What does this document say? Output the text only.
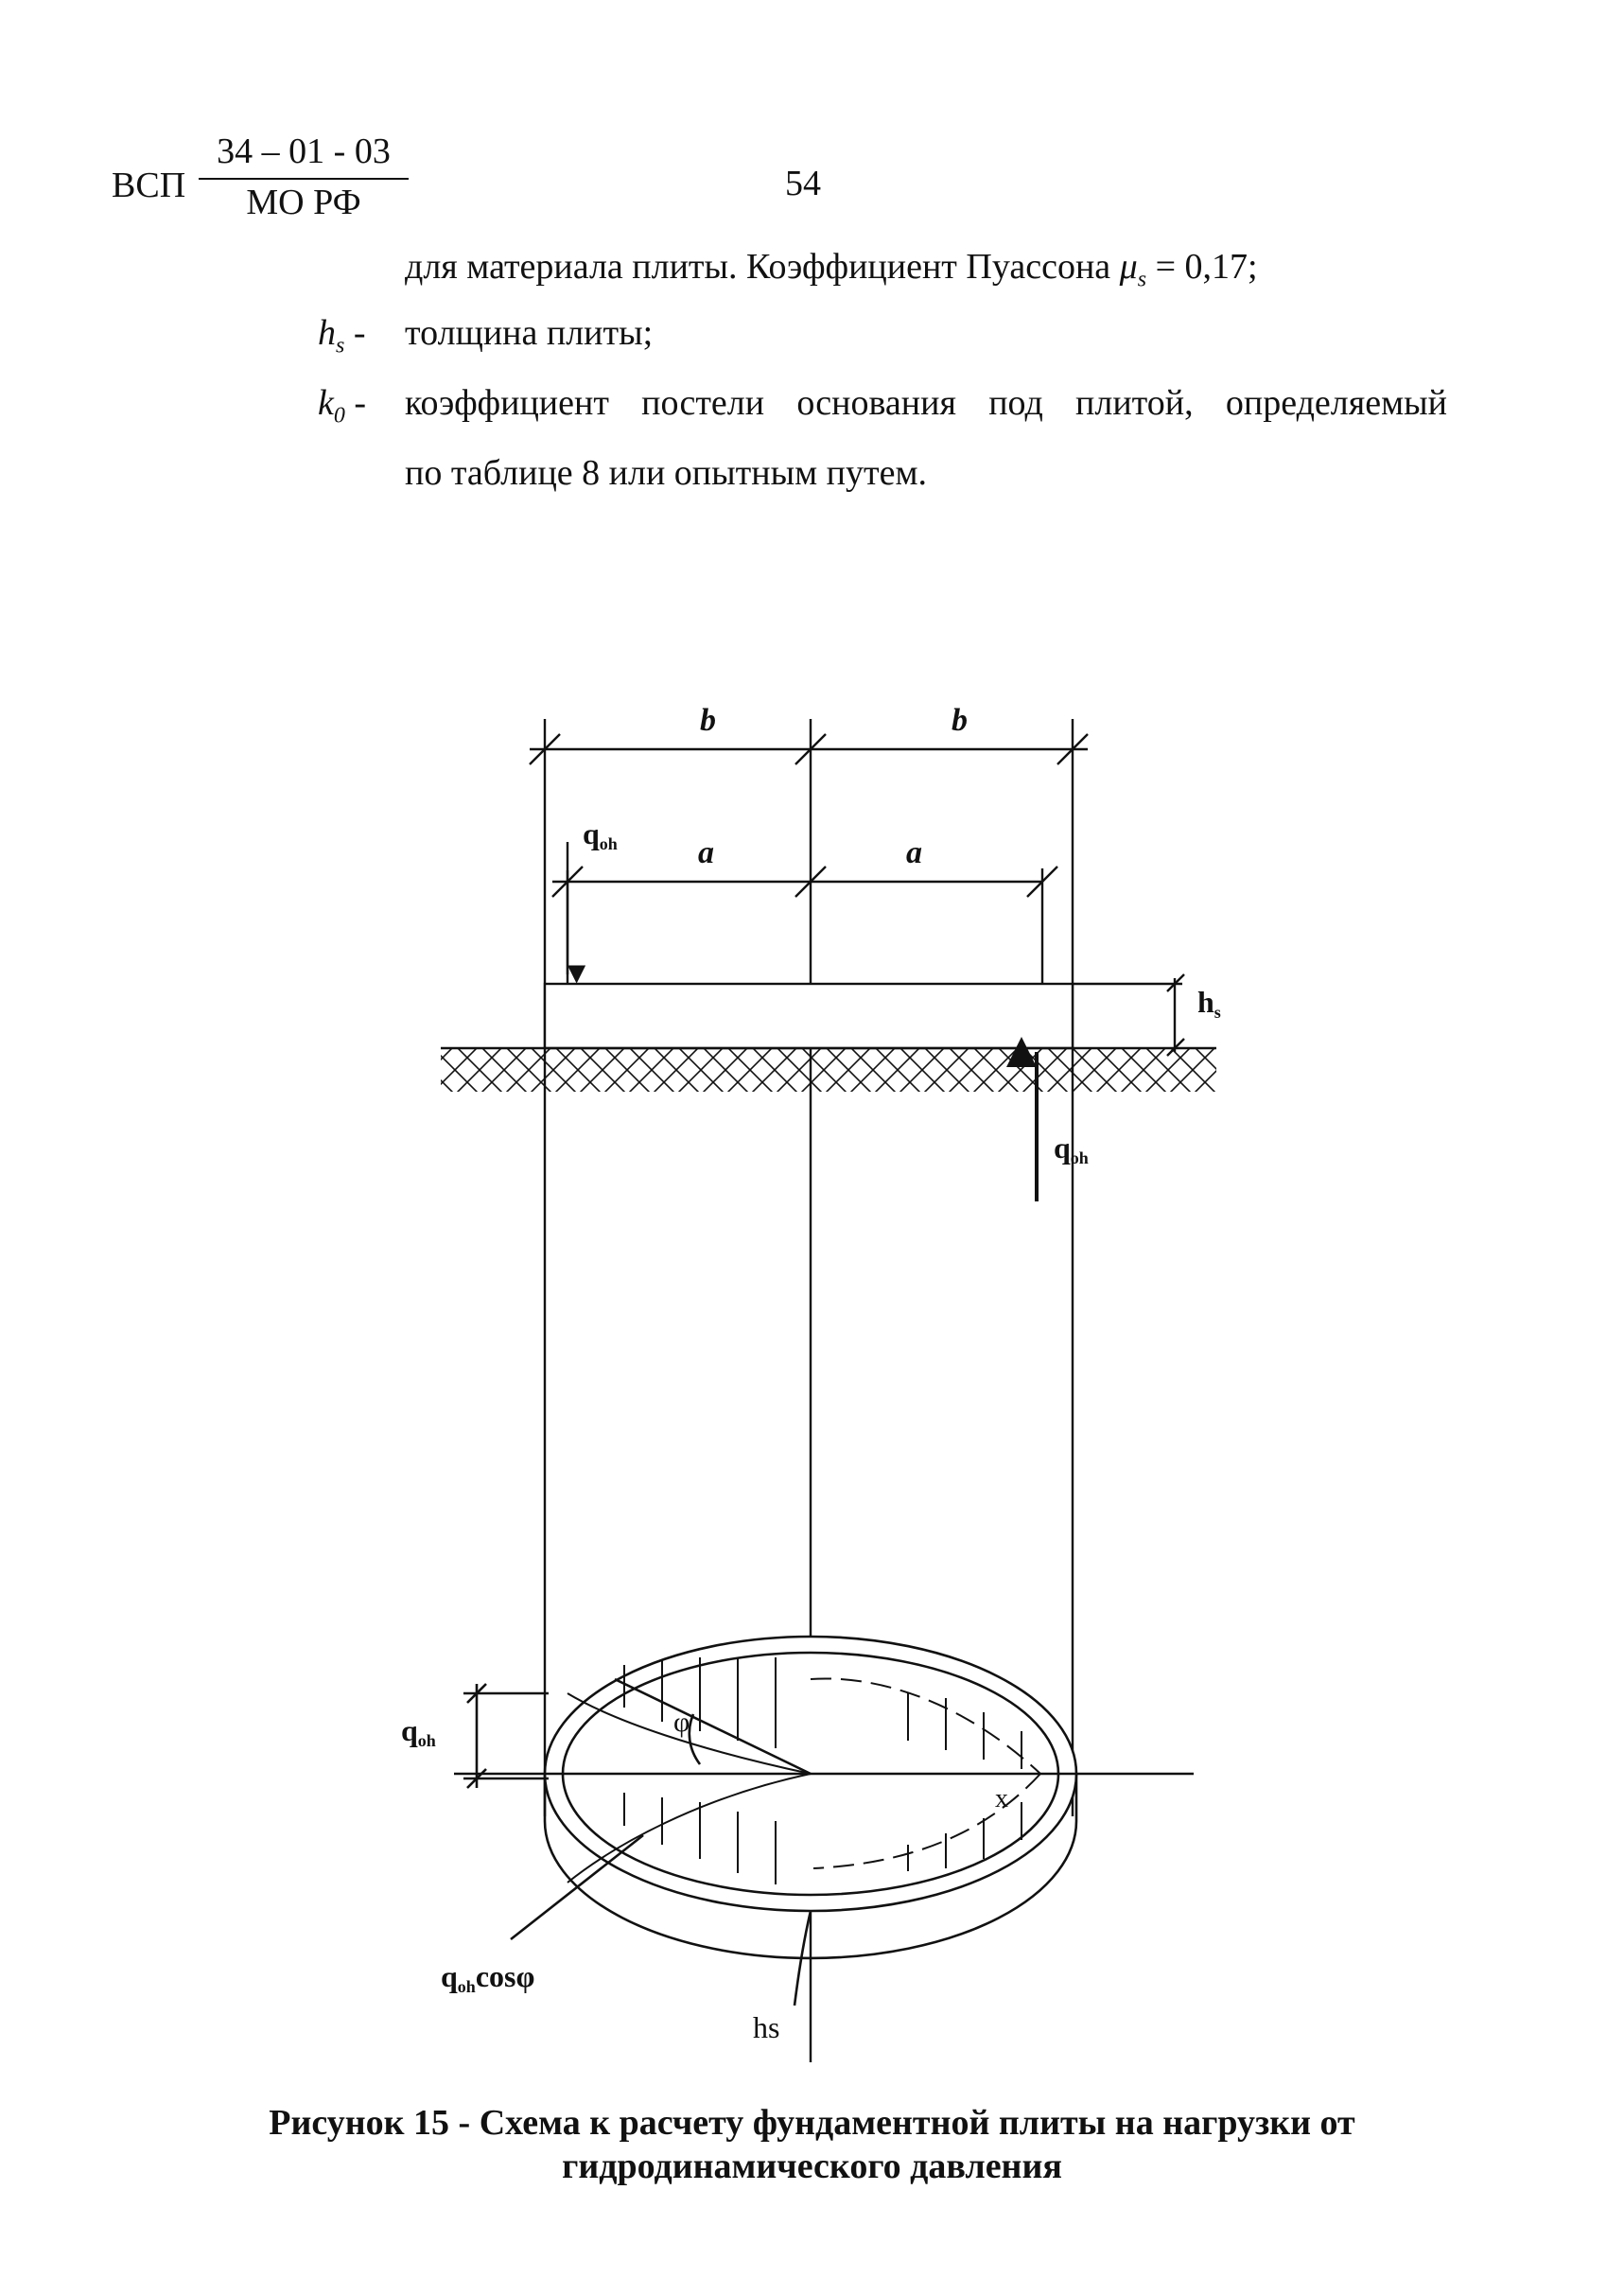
ВСП
34 – 01 - 03
МО РФ	54
для материала плиты. Коэффициент Пуассона $\mu_s = 0,17$;
$h_s$ - толщина плиты;
$k_0$ - коэффициент постели основания под плитой, определяемый
по таблице 8 или опытным путем.
b	b
a	a
qoh
hs
qoh
qoh
φ
x
qohcosφ
hs
Рисунок 15 - Схема к расчету фундаментной плиты на нагрузки от
гидродинамического давления
